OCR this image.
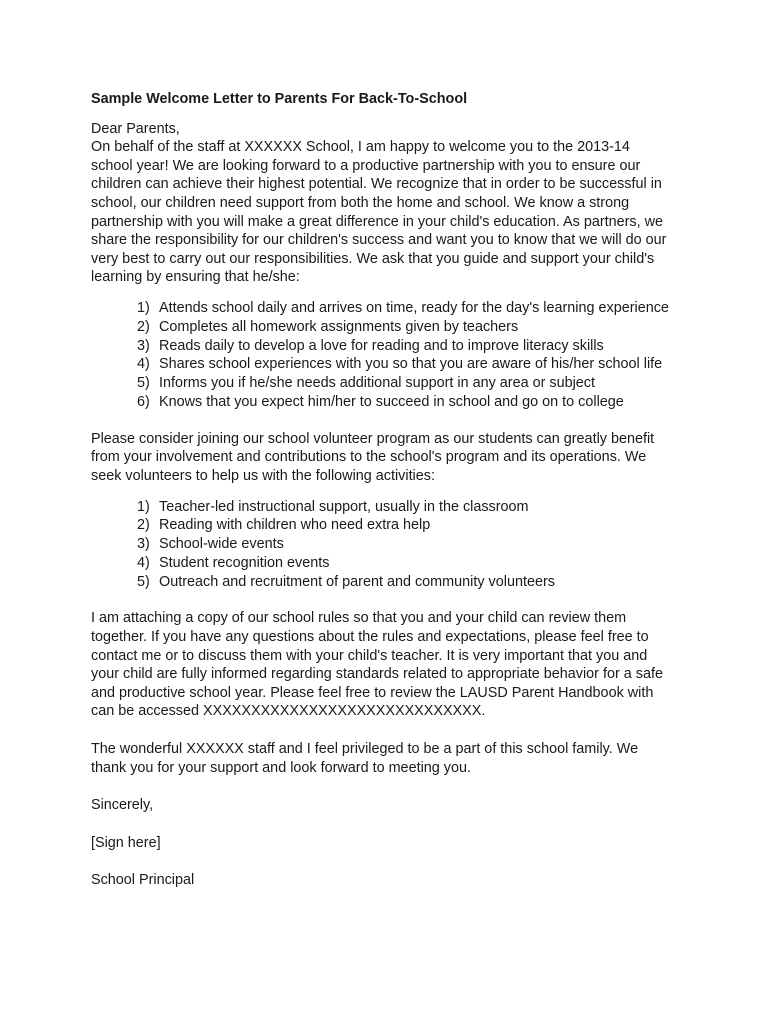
Sample Welcome Letter to Parents For Back-To-School

Dear Parents,

On behalf of the staff at XXXXXX School, I am happy to welcome you to the 2013-14 school year! We are looking forward to a productive partnership with you to ensure our children can achieve their highest potential. We recognize that in order to be successful in school, our children need support from both the home and school. We know a strong partnership with you will make a great difference in your child's education. As partners, we share the responsibility for our children's success and want you to know that we will do our very best to carry out our responsibilities. We ask that you guide and support your child's learning by ensuring that he/she:

1) Attends school daily and arrives on time, ready for the day's learning experience
2) Completes all homework assignments given by teachers
3) Reads daily to develop a love for reading and to improve literacy skills
4) Shares school experiences with you so that you are aware of his/her school life
5) Informs you if he/she needs additional support in any area or subject
6) Knows that you expect him/her to succeed in school and go on to college

Please consider joining our school volunteer program as our students can greatly benefit from your involvement and contributions to the school's program and its operations. We seek volunteers to help us with the following activities:

1) Teacher-led instructional support, usually in the classroom
2) Reading with children who need extra help
3) School-wide events
4) Student recognition events
5) Outreach and recruitment of parent and community volunteers

I am attaching a copy of our school rules so that you and your child can review them together. If you have any questions about the rules and expectations, please feel free to contact me or to discuss them with your child's teacher. It is very important that you and your child are fully informed regarding standards related to appropriate behavior for a safe and productive school year. Please feel free to review the LAUSD Parent Handbook with can be accessed XXXXXXXXXXXXXXXXXXXXXXXXXXXXX.

The wonderful XXXXXX staff and I feel privileged to be a part of this school family. We thank you for your support and look forward to meeting you.

Sincerely,

[Sign here]

School Principal
